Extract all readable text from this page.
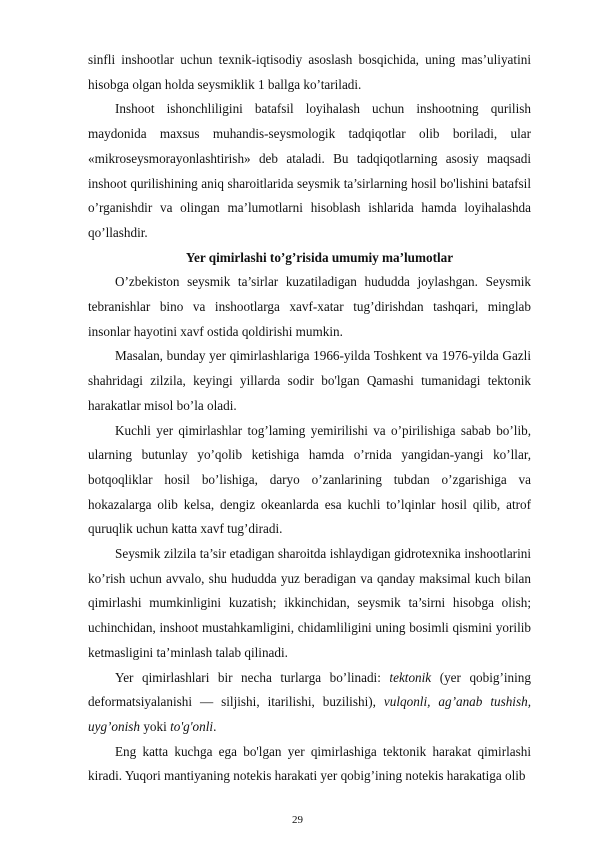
sinfli inshootlar uchun texnik-iqtisodiy asoslash bosqichida, uning mas’uliyatini hisobga olgan holda seysmiklik 1 ballga ko’tariladi.

Inshoot ishonchliligini batafsil loyihalash uchun inshootning qurilish maydonida maxsus muhandis-seysmologik tadqiqotlar olib boriladi, ular «mikroseysmorayonlashtirish» deb ataladi. Bu tadqiqotlarning asosiy maqsadi inshoot qurilishining aniq sharoitlarida seysmik ta’sirlarning hosil bo'lishini batafsil o’rganishdir va olingan ma’lumotlarni hisoblash ishlarida hamda loyihalashda qo’llashdir.

Yer qimirlashi to’g’risida umumiy ma’lumotlar

O’zbekiston seysmik ta’sirlar kuzatiladigan hududda joylashgan. Seysmik tebranishlar bino va inshootlarga xavf-xatar tug’dirishdan tashqari, minglab insonlar hayotini xavf ostida qoldirishi mumkin.

Masalan, bunday yer qimirlashlariga 1966-yilda Toshkent va 1976-yilda Gazli shahridagi zilzila, keyingi yillarda sodir bo'lgan Qamashi tumanidagi tektonik harakatlar misol bo’la oladi.

Kuchli yer qimirlashlar tog’laming yemirilishi va o’pirilishiga sabab bo’lib, ularning butunlay yo’qolib ketishiga hamda o’rnida yangidan-yangi ko’llar, botqoqliklar hosil bo’lishiga, daryo o’zanlarining tubdan o’zgarishiga va hokazalarga olib kelsa, dengiz okeanlarda esa kuchli to’lqinlar hosil qilib, atrof quruqlik uchun katta xavf tug’diradi.

Seysmik zilzila ta’sir etadigan sharoitda ishlaydigan gidrotexnika inshootlarini ko’rish uchun avvalo, shu hududda yuz beradigan va qanday maksimal kuch bilan qimirlashi mumkinligini kuzatish; ikkinchidan, seysmik ta’sirni hisobga olish; uchinchidan, inshoot mustahkamligini, chidamliligini uning bosimli qismini yorilib ketmasligini ta’minlash talab qilinadi.

Yer qimirlashlari bir necha turlarga bo’linadi: tektonik (yer qobig’ining deformatsiyalanishi — siljishi, itarilishi, buzilishi), vulqonli, ag’anab tushish, uyg’onish yoki to'g'onli.

Eng katta kuchga ega bo'lgan yer qimirlashiga tektonik harakat qimirlashi kiradi. Yuqori mantiyaning notekis harakati yer qobig’ining notekis harakatiga olib

29
